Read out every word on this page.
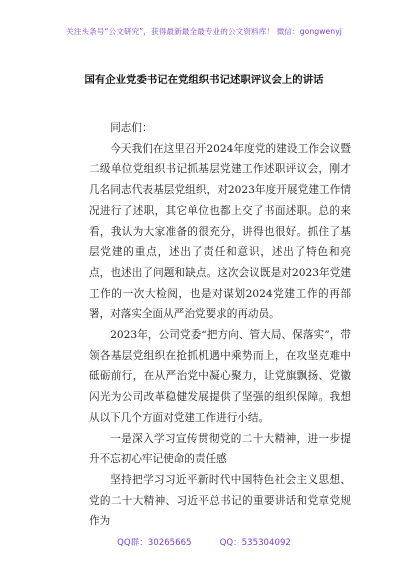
关注头条号“公文研究”，获得最新最全最专业的公文资料库！ 微信：gongwenyj
国有企业党委书记在党组织书记述职评议会上的讲话

同志们：

今天我们在这里召开2024年度党的建设工作会议暨二级单位党组织书记抓基层党建工作述职评议会，刚才几名同志代表基层党组织，对2023年度开展党建工作情况进行了述职，其它单位也都上交了书面述职。总的来看，我认为大家准备的很充分，讲得也很好。抓住了基层党建的重点，述出了责任和意识，述出了特色和亮点，也述出了问题和缺点。这次会议既是对2023年党建工作的一次大检阅，也是对谋划2024党建工作的再部署，对落实全面从严治党要求的再动员。

2023年，公司党委“把方向、管大局、保落实”，带领各基层党组织在抢抓机遇中乘势而上，在攻坚克难中砥砺前行，在从严治党中凝心聚力，让党旗飘扬、党徽闪光为公司改革稳健发展提供了坚强的组织保障。我想从以下几个方面对党建工作进行小结。

一是深入学习宣传贯彻党的二十大精神，进一步提升不忘初心牢记使命的责任感

坚持把学习习近平新时代中国特色社会主义思想、党的二十大精神、习近平总书记的重要讲话和党章党规作为

QQ群：30265665	QQ：535304092
